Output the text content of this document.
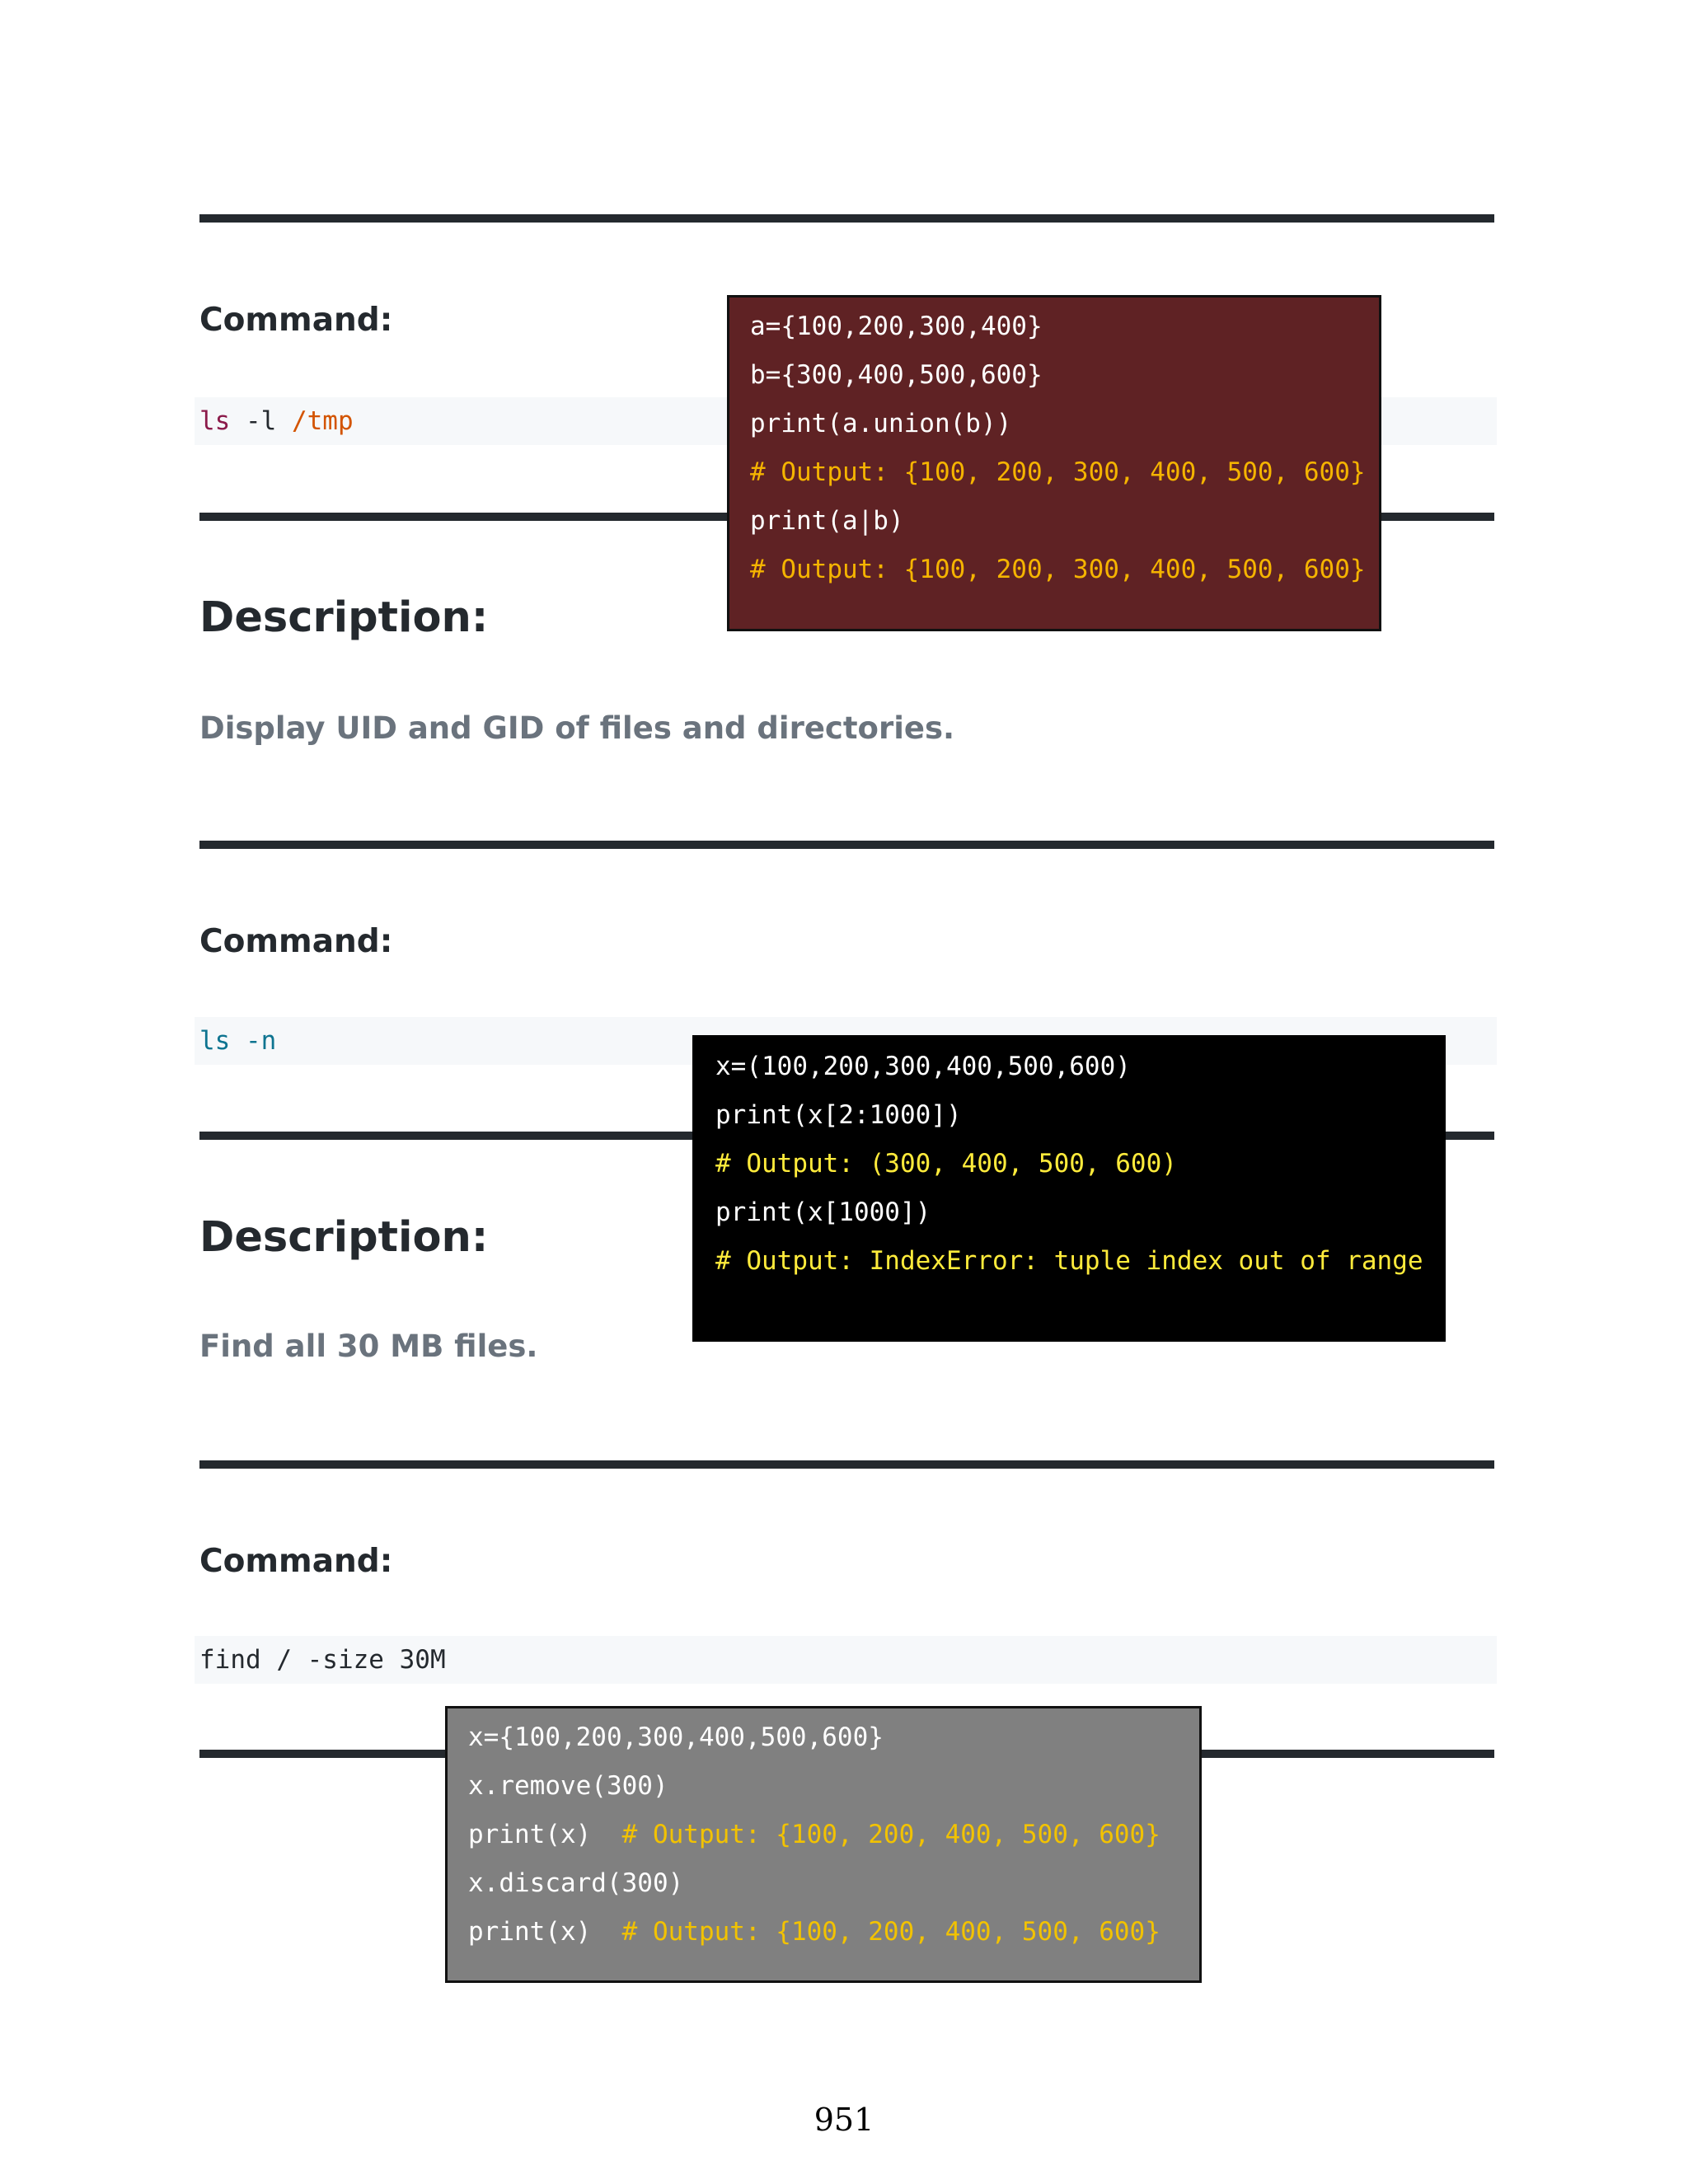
Command:
ls -l /tmp
Description:
Display UID and GID of files and directories.
Command:
ls -n
Description:
Find all 30 MB files.
Command:
find / -size 30M
a={100,200,300,400}
b={300,400,500,600}
print(a.union(b))
# Output: {100, 200, 300, 400, 500, 600}
print(a|b)
# Output: {100, 200, 300, 400, 500, 600}
x=(100,200,300,400,500,600)
print(x[2:1000])
# Output: (300, 400, 500, 600)
print(x[1000])
# Output: IndexError: tuple index out of range
x={100,200,300,400,500,600}
x.remove(300)
print(x)  # Output: {100, 200, 400, 500, 600}
x.discard(300)
print(x)  # Output: {100, 200, 400, 500, 600}
951
